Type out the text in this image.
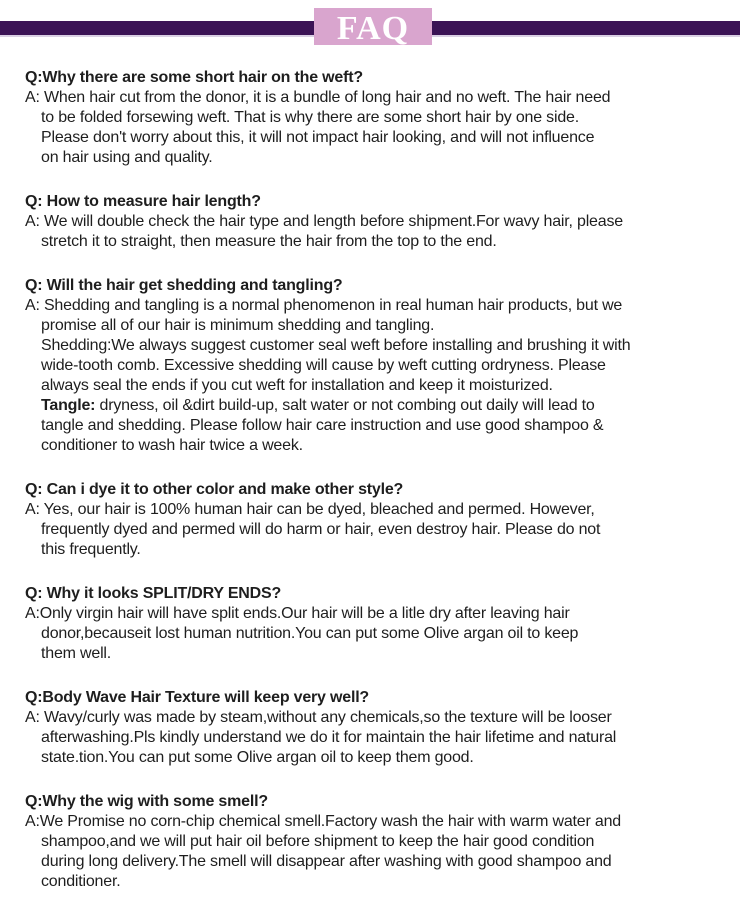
FAQ
Q:Why there are some short hair on the weft?
A: When hair cut from the donor, it is a bundle of long hair and no weft. The hair need
to be folded forsewing weft. That is why there are some short hair by one side.
Please don't worry about this, it will not impact hair looking, and will not influence
on hair using and quality.
Q: How to measure hair length?
A: We will double check the hair type and length before shipment.For wavy hair, please
stretch it to straight, then measure the hair from the top to the end.
Q: Will the hair get shedding and tangling?
A: Shedding and tangling is a normal phenomenon in real human hair products, but we
promise all of our hair is minimum shedding and tangling.
Shedding:We always suggest customer seal weft before installing and brushing it with
wide-tooth comb. Excessive shedding will cause by weft cutting ordryness. Please
always seal the ends if you cut weft for installation and keep it moisturized.
Tangle: dryness, oil &dirt build-up, salt water or not combing out daily will lead to
tangle and shedding. Please follow hair care instruction and use good shampoo &
conditioner to wash hair twice a week.
Q: Can i dye it to other color and make other style?
A: Yes, our hair is 100% human hair can be dyed, bleached and permed. However,
frequently dyed and permed will do harm or hair, even destroy hair. Please do not
this frequently.
Q: Why it looks SPLIT/DRY ENDS?
A:Only virgin hair will have split ends.Our hair will be a litle dry after leaving hair
donor,becauseit lost human nutrition.You can put some Olive argan oil to keep
them well.
Q:Body Wave Hair Texture will keep very well?
A: Wavy/curly was made by steam,without any chemicals,so the texture will be looser
afterwashing.Pls kindly understand we do it for maintain the hair lifetime and natural
state.tion.You can put some Olive argan oil to keep them good.
Q:Why the wig with some smell?
A:We Promise no corn-chip chemical smell.Factory wash the hair with warm water and
shampoo,and we will put hair oil before shipment to keep the hair good condition
during long delivery.The smell will disappear after washing with good shampoo and
conditioner.
